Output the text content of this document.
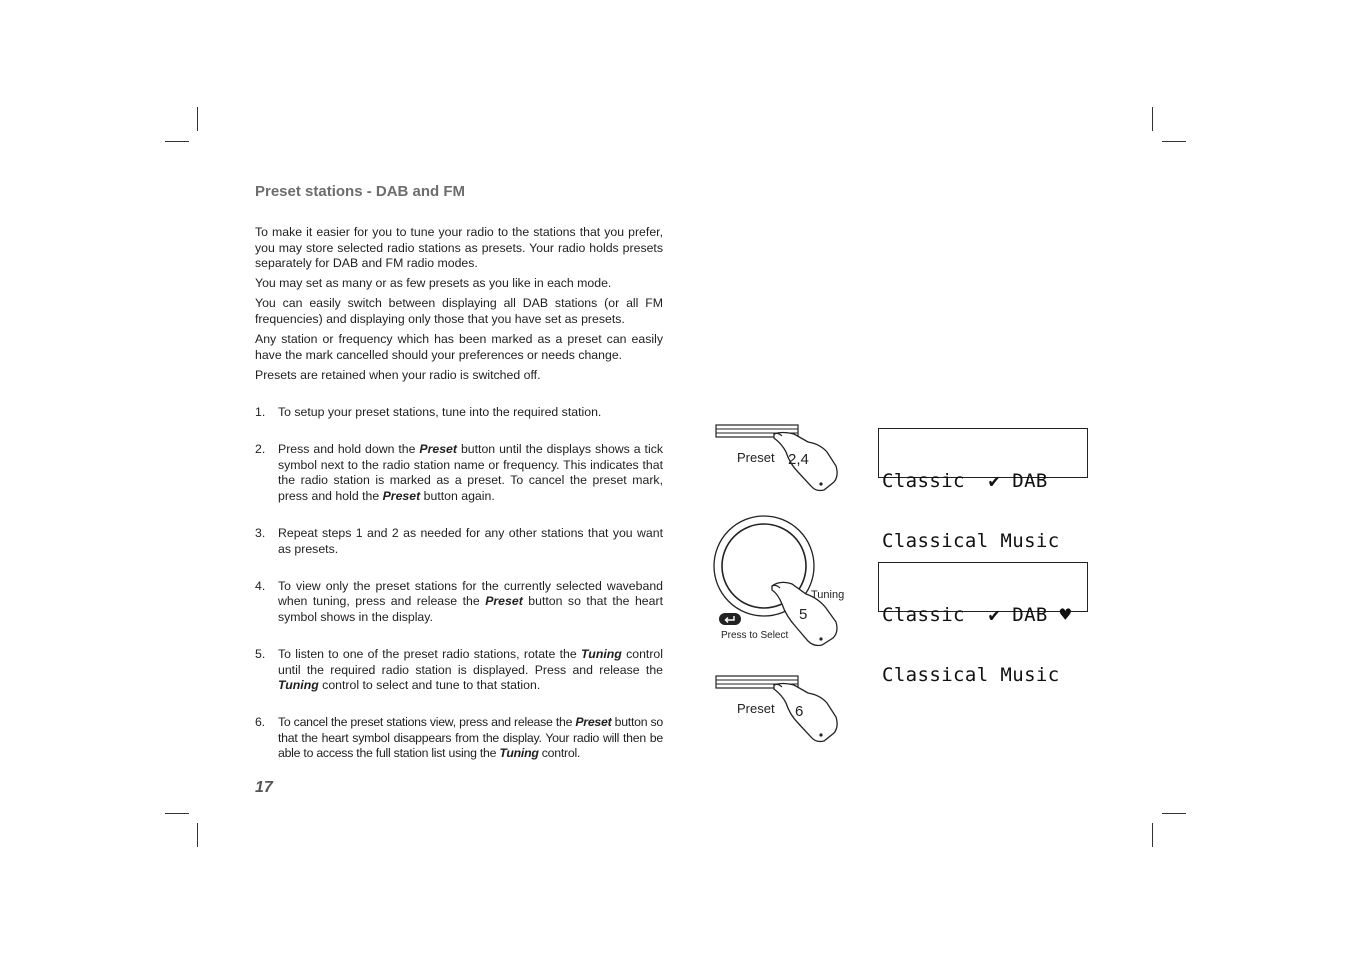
Preset stations - DAB and FM

To make it easier for you to tune your radio to the stations that you prefer, you may store selected radio stations as presets. Your radio holds presets separately for DAB and FM radio modes.

You may set as many or as few presets as you like in each mode.

You can easily switch between displaying all DAB stations (or all FM frequencies) and displaying only those that you have set as presets.

Any station or frequency which has been marked as a preset can easily have the mark cancelled should your preferences or needs change.

Presets are retained when your radio is switched off.

1. To setup your preset stations, tune into the required station.
2. Press and hold down the Preset button until the displays shows a tick symbol next to the radio station name or frequency. This indicates that the radio station is marked as a preset. To cancel the preset mark, press and hold the Preset button again.
3. Repeat steps 1 and 2 as needed for any other stations that you want as presets.
4. To view only the preset stations for the currently selected waveband when tuning, press and release the Preset button so that the heart symbol shows in the display.
5. To listen to one of the preset radio stations, rotate the Tuning control until the required radio station is displayed. Press and release the Tuning control to select and tune to that station.
6. To cancel the preset stations view, press and release the Preset button so that the heart symbol disappears from the display. Your radio will then be able to access the full station list using the Tuning control.
17
Preset 2,4
Tuning
5
Press to Select
Preset 6

Classic  ✔ DAB

Classical Music

Classic  ✔ DAB ♥

Classical Music
